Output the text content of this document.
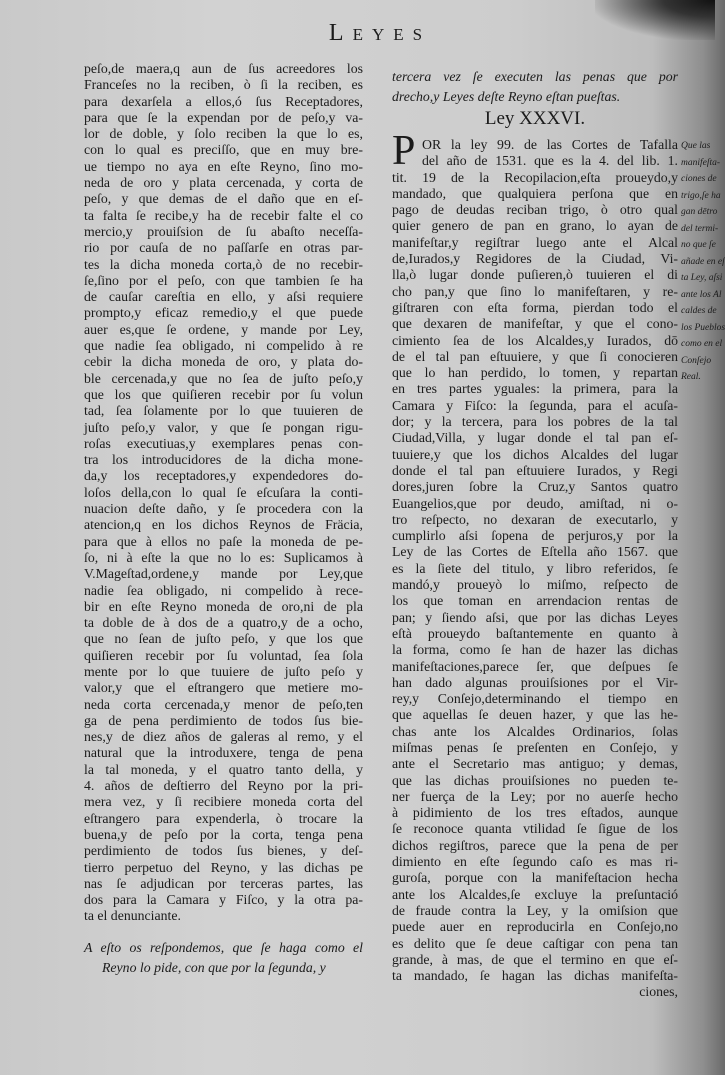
Leyes
peſo,de maera,q aun de ſus acreedores los
Franceſes no la reciben, ò ſi la reciben, es
para dexarſela a ellos,ó ſus Receptadores,
para que ſe la expendan por de peſo,y va-
lor de doble, y ſolo reciben la que lo es,
con lo qual es preciſſo, que en muy bre-
ue tiempo no aya en eſte Reyno, ſino mo-
neda de oro y plata cercenada, y corta de
peſo, y que demas de el daño que en eſ-
ta falta ſe recibe,y ha de recebir falte el co
mercio,y prouiſsion de ſu abaſto neceſſa-
rio por cauſa de no paſſarſe en otras par-
tes la dicha moneda corta,ò de no recebir-
ſe,ſino por el peſo, con que tambien ſe ha
de cauſar careſtia en ello, y aſsi requiere
prompto,y eficaz remedio,y el que puede
auer es,que ſe ordene, y mande por Ley,
que nadie ſea obligado, ni compelido à re
cebir la dicha moneda de oro, y plata do-
ble cercenada,y que no ſea de juſto peſo,y
que los que quiſieren recebir por ſu volun
tad, ſea ſolamente por lo que tuuieren de
juſto peſo,y valor, y que ſe pongan rigu-
roſas executiuas,y exemplares penas con-
tra los introducidores de la dicha mone-
da,y los receptadores,y expendedores do-
loſos della,con lo qual ſe eſcuſara la conti-
nuacion deſte daño, y ſe procedera con la
atencion,q en los dichos Reynos de Fräcia,
para que à ellos no paſe la moneda de pe-
ſo, ni à eſte la que no lo es: Suplicamos à
V.Mageſtad,ordene,y mande por Ley,que
nadie ſea obligado, ni compelido à rece-
bir en eſte Reyno moneda de oro,ni de pla
ta doble de à dos de a quatro,y de a ocho,
que no ſean de juſto peſo, y que los que
quiſieren recebir por ſu voluntad, ſea ſola
mente por lo que tuuiere de juſto peſo y
valor,y que el eſtrangero que metiere mo-
neda corta cercenada,y menor de peſo,ten
ga de pena perdimiento de todos ſus bie-
nes,y de diez años de galeras al remo, y el
natural que la introduxere, tenga de pena
la tal moneda, y el quatro tanto della, y
4. años de deſtierro del Reyno por la pri-
mera vez, y ſi recibiere moneda corta del
eſtrangero para expenderla, ò trocare la
buena,y de peſo por la corta, tenga pena
perdimiento de todos ſus bienes, y deſ-
tierro perpetuo del Reyno, y las dichas pe
nas ſe adjudican por terceras partes, las
dos para la Camara y Fiſco, y la otra pa-
ta el denunciante.
A eſto os reſpondemos, que ſe haga como el
Reyno lo pide, con que por la ſegunda, y
tercera vez ſe executen las penas que por
drecho,y Leyes deſte Reyno eſtan pueſtas.
Ley XXXVI.
P OR la ley 99. de las Cortes de Tafalla
del año de 1531. que es la 4. del lib. 1.
tit. 19 de la Recopilacion,eſta proueydo,y
mandado, que qualquiera perſona que en
pago de deudas reciban trigo, ò otro qual
quier genero de pan en grano, lo ayan de
manifeſtar,y regiſtrar luego ante el Alcal
de,Iurados,y Regidores de la Ciudad, Vi-
lla,ò lugar donde puſieren,ò tuuieren el di
cho pan,y que ſino lo manifeſtaren, y re-
giſtraren con eſta forma, pierdan todo el
que dexaren de manifeſtar, y que el cono-
cimiento ſea de los Alcaldes,y Iurados, dō
de el tal pan eſtuuiere, y que ſi conocieren
que lo han perdido, lo tomen, y repartan
en tres partes yguales: la primera, para la
Camara y Fiſco: la ſegunda, para el acuſa-
dor; y la tercera, para los pobres de la tal
Ciudad,Villa, y lugar donde el tal pan eſ-
tuuiere,y que los dichos Alcaldes del lugar
donde el tal pan eſtuuiere Iurados, y Regi
dores,juren ſobre la Cruz,y Santos quatro
Euangelios,que por deudo, amiſtad, ni o-
tro reſpecto, no dexaran de executarlo, y
cumplirlo aſsi ſopena de perjuros,y por la
Ley de las Cortes de Eſtella año 1567. que
es la ſiete del titulo, y libro referidos, ſe
mandó,y proueyò lo miſmo, reſpecto de
los que toman en arrendacion rentas de
pan; y ſiendo aſsi, que por las dichas Leyes
eſtà proueydo baſtantemente en quanto à
la forma, como ſe han de hazer las dichas
manifeſtaciones,parece ſer, que deſpues ſe
han dado algunas prouiſsiones por el Vir-
rey,y Conſejo,determinando el tiempo en
que aquellas ſe deuen hazer, y que las he-
chas ante los Alcaldes Ordinarios, ſolas
miſmas penas ſe preſenten en Conſejo, y
ante el Secretario mas antiguo; y demas,
que las dichas prouiſsiones no pueden te-
ner fuerça de la Ley; por no auerſe hecho
à pidimiento de los tres eſtados, aunque
ſe reconoce quanta vtilidad ſe ſigue de los
dichos regiſtros, parece que la pena de per
dimiento en eſte ſegundo caſo es mas ri-
guroſa, porque con la manifeſtacion hecha
ante los Alcaldes,ſe excluye la preſuntació
de fraude contra la Ley, y la omiſsion que
puede auer en reproducirla en Conſejo,no
es delito que ſe deue caſtigar con pena tan
grande, à mas, de que el termino en que eſ-
ta mandado, ſe hagan las dichas manifeſta-
ciones,
Que las
manifeſta-
ciones de
trigo,ſe ha
gan dētro
del termi-
no que ſe
añade en eſ
ta Ley, aſsi
ante los Al
caldes de
los Pueblos
como en el
Conſejo
Real.
